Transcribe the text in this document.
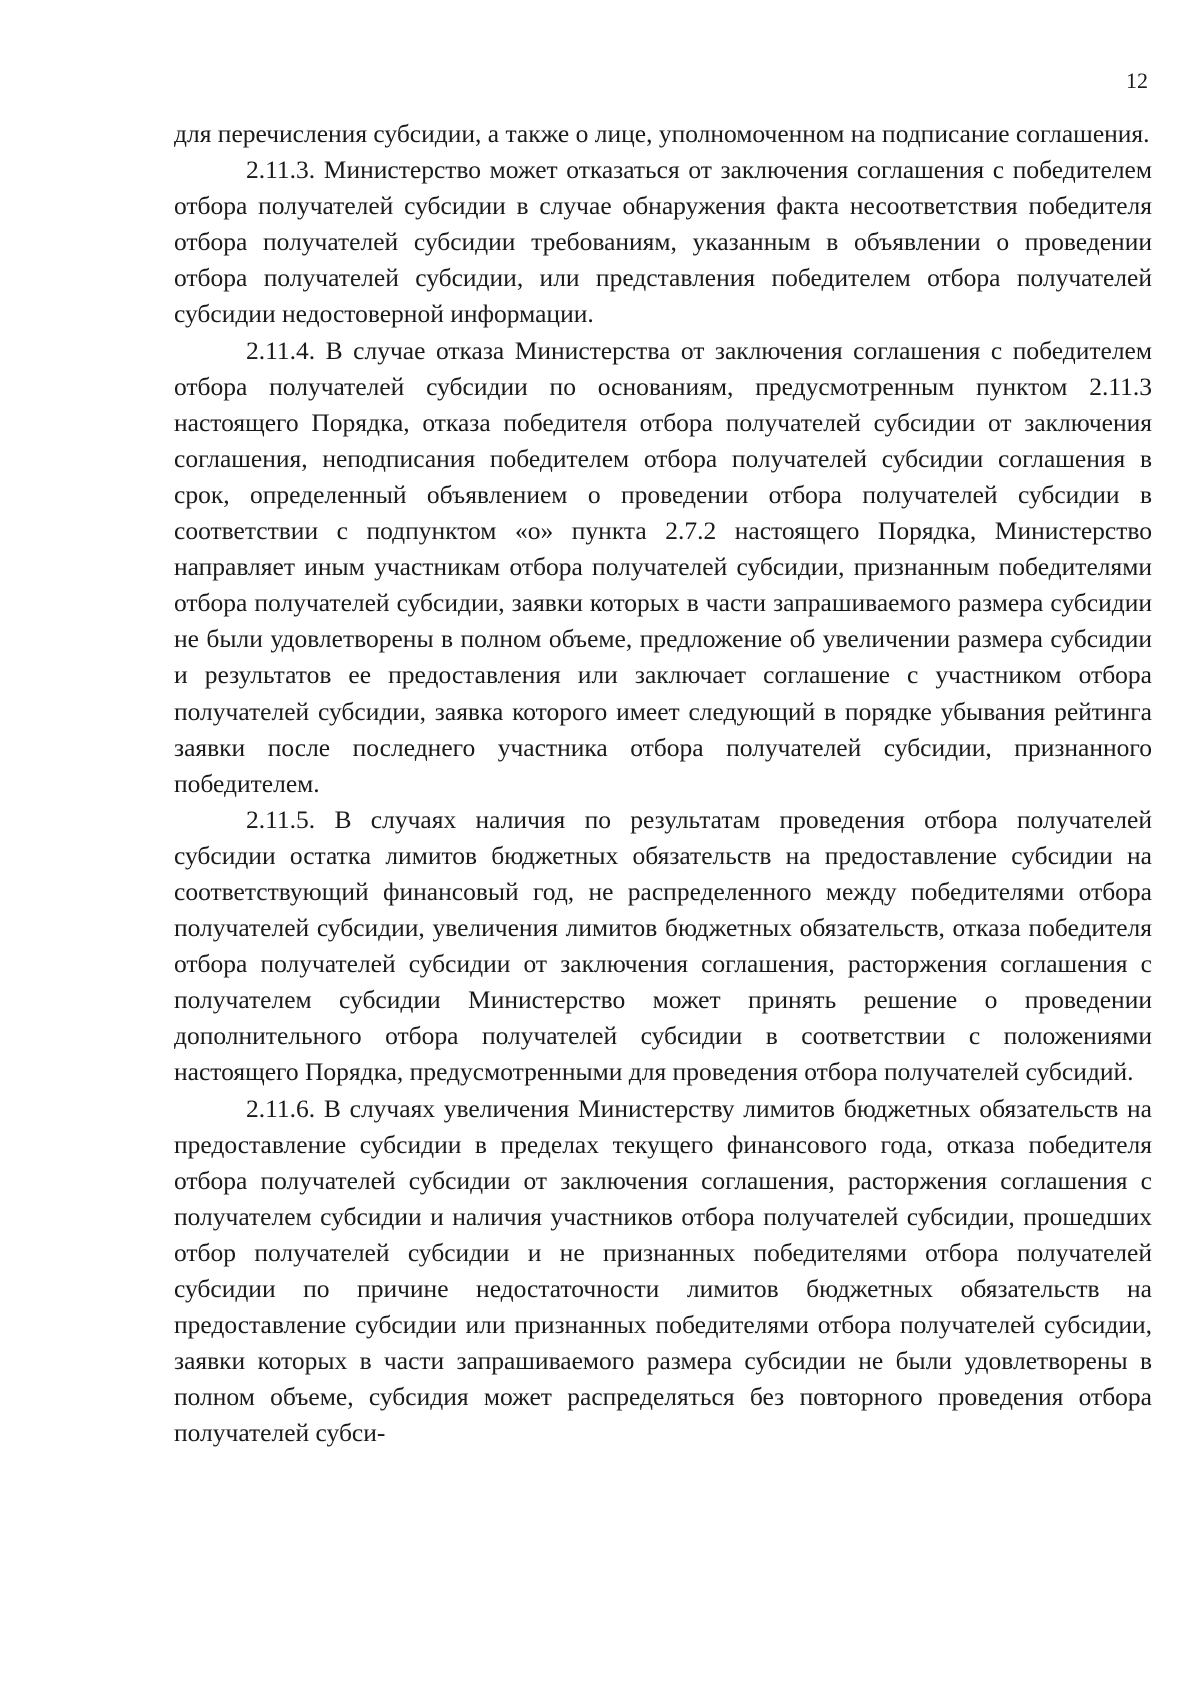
12

для перечисления субсидии, а также о лице, уполномоченном на подписание соглашения.

2.11.3. Министерство может отказаться от заключения соглашения с победителем отбора получателей субсидии в случае обнаружения факта несоответствия победителя отбора получателей субсидии требованиям, указанным в объявлении о проведении отбора получателей субсидии, или представления победителем отбора получателей субсидии недостоверной информации.

2.11.4. В случае отказа Министерства от заключения соглашения с победителем отбора получателей субсидии по основаниям, предусмотренным пунктом 2.11.3 настоящего Порядка, отказа победителя отбора получателей субсидии от заключения соглашения, неподписания победителем отбора получателей субсидии соглашения в срок, определенный объявлением о проведении отбора получателей субсидии в соответствии с подпунктом «о» пункта 2.7.2 настоящего Порядка, Министерство направляет иным участникам отбора получателей субсидии, признанным победителями отбора получателей субсидии, заявки которых в части запрашиваемого размера субсидии не были удовлетворены в полном объеме, предложение об увеличении размера субсидии и результатов ее предоставления или заключает соглашение с участником отбора получателей субсидии, заявка которого имеет следующий в порядке убывания рейтинга заявки после последнего участника отбора получателей субсидии, признанного победителем.

2.11.5. В случаях наличия по результатам проведения отбора получателей субсидии остатка лимитов бюджетных обязательств на предоставление субсидии на соответствующий финансовый год, не распределенного между победителями отбора получателей субсидии, увеличения лимитов бюджетных обязательств, отказа победителя отбора получателей субсидии от заключения соглашения, расторжения соглашения с получателем субсидии Министерство может принять решение о проведении дополнительного отбора получателей субсидии в соответствии с положениями настоящего Порядка, предусмотренными для проведения отбора получателей субсидий.

2.11.6. В случаях увеличения Министерству лимитов бюджетных обязательств на предоставление субсидии в пределах текущего финансового года, отказа победителя отбора получателей субсидии от заключения соглашения, расторжения соглашения с получателем субсидии и наличия участников отбора получателей субсидии, прошедших отбор получателей субсидии и не признанных победителями отбора получателей субсидии по причине недостаточности лимитов бюджетных обязательств на предоставление субсидии или признанных победителями отбора получателей субсидии, заявки которых в части запрашиваемого размера субсидии не были удовлетворены в полном объеме, субсидия может распределяться без повторного проведения отбора получателей субси-
